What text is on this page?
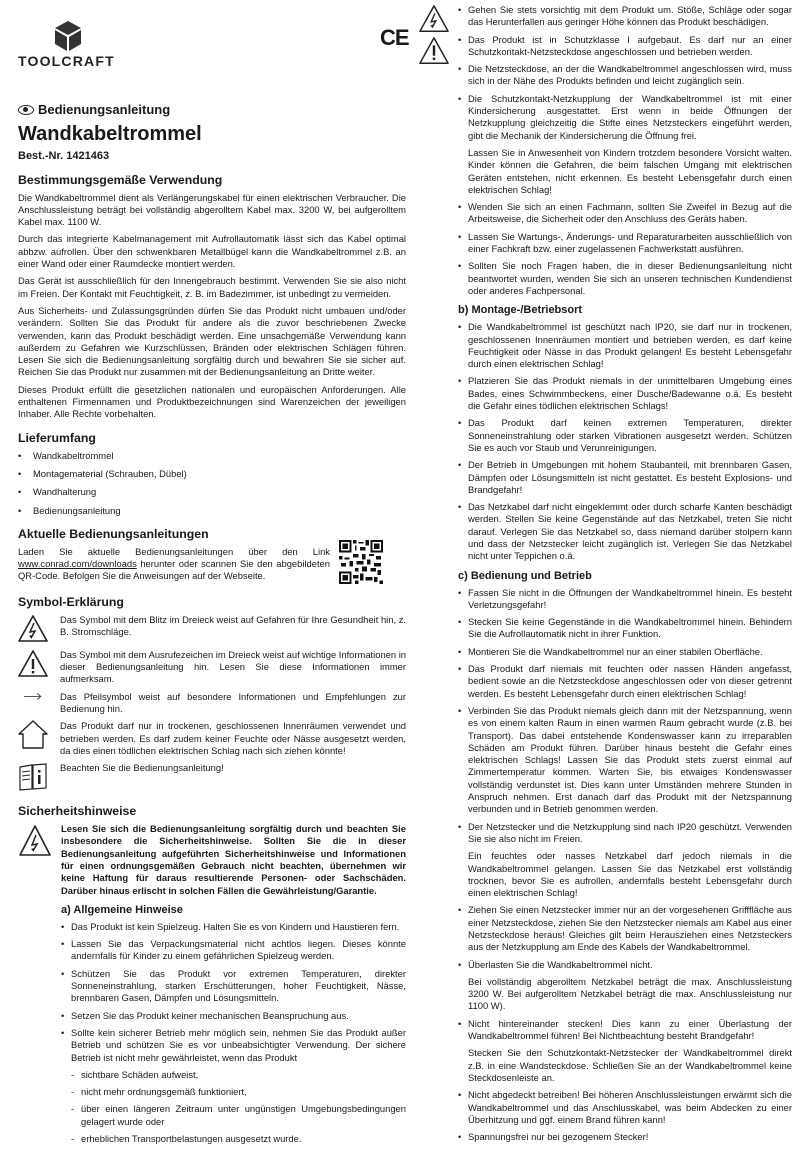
TOOLCRAFT
CE
Bedienungsanleitung
Wandkabeltrommel
Best.-Nr. 1421463
Bestimmungsgemäße Verwendung

Die Wandkabeltrommel dient als Verlängerungskabel für einen elektrischen Verbraucher. Die Anschlussleistung beträgt bei vollständig abgerolltem Kabel max. 3200 W, bei aufgerolltem Kabel max. 1100 W.

Durch das integrierte Kabelmanagement mit Aufrollautomatik lässt sich das Kabel optimal abbzw. aufrollen. Über den schwenkbaren Metallbügel kann die Wandkabeltrommel z.B. an einer Wand oder einer Raumdecke montiert werden.

Das Gerät ist ausschließlich für den Innengebrauch bestimmt. Verwenden Sie sie also nicht im Freien. Der Kontakt mit Feuchtigkeit, z. B. im Badezimmer, ist unbedingt zu vermeiden.

Aus Sicherheits- und Zulassungsgründen dürfen Sie das Produkt nicht umbauen und/oder verändern. Sollten Sie das Produkt für andere als die zuvor beschriebenen Zwecke verwenden, kann das Produkt beschädigt werden. Eine unsachgemäße Verwendung kann außerdem zu Gefahren wie Kurzschlüssen, Bränden oder elektrischen Schlägen führen. Lesen Sie sich die Bedienungsanleitung sorgfältig durch und bewahren Sie sie sicher auf. Reichen Sie das Produkt nur zusammen mit der Bedienungsanleitung an Dritte weiter.

Dieses Produkt erfüllt die gesetzlichen nationalen und europäischen Anforderungen. Alle enthaltenen Firmennamen und Produktbezeichnungen sind Warenzeichen der jeweiligen Inhaber. Alle Rechte vorbehalten.

Lieferumfang
• Wandkabeltrommel
• Montagematerial (Schrauben, Dübel)
• Wandhalterung
• Bedienungsanleitung
Aktuelle Bedienungsanleitungen
Laden Sie aktuelle Bedienungsanleitungen über den Link www.conrad.com/downloads herunter oder scannen Sie den abgebildeten QR-Code. Befolgen Sie die Anweisungen auf der Webseite.
Symbol-Erklärung
Das Symbol mit dem Blitz im Dreieck weist auf Gefahren für Ihre Gesundheit hin, z. B. Stromschläge.
Das Symbol mit dem Ausrufezeichen im Dreieck weist auf wichtige Informationen in dieser Bedienungsanleitung hin. Lesen Sie diese Informationen immer aufmerksam.
Das Pfeilsymbol weist auf besondere Informationen und Empfehlungen zur Bedienung hin.
Das Produkt darf nur in trockenen, geschlossenen Innenräumen verwendet und betrieben werden. Es darf zudem keiner Feuchte oder Nässe ausgesetzt werden, da dies einen tödlichen elektrischen Schlag nach sich ziehen könnte!
Beachten Sie die Bedienungsanleitung!
Sicherheitshinweise

Lesen Sie sich die Bedienungsanleitung sorgfältig durch und beachten Sie insbesondere die Sicherheitshinweise. Sollten Sie die in dieser Bedienungsanleitung aufgeführten Sicherheitshinweise und Informationen für einen ordnungsgemäßen Gebrauch nicht beachten, übernehmen wir keine Haftung für daraus resultierende Personen- oder Sachschäden. Darüber hinaus erlischt in solchen Fällen die Gewährleistung/Garantie.

a) Allgemeine Hinweise
• Das Produkt ist kein Spielzeug. Halten Sie es von Kindern und Haustieren fern.
• Lassen Sie das Verpackungsmaterial nicht achtlos liegen. Dieses könnte andernfalls für Kinder zu einem gefährlichen Spielzeug werden.
• Schützen Sie das Produkt vor extremen Temperaturen, direkter Sonneneinstrahlung, starken Erschütterungen, hoher Feuchtigkeit, Nässe, brennbaren Gasen, Dämpfen und Lösungsmitteln.
• Setzen Sie das Produkt keiner mechanischen Beanspruchung aus.
• Sollte kein sicherer Betrieb mehr möglich sein, nehmen Sie das Produkt außer Betrieb und schützen Sie es vor unbeabsichtigter Verwendung. Der sichere Betrieb ist nicht mehr gewährleistet, wenn das Produkt
- sichtbare Schäden aufweist,
- nicht mehr ordnungsgemäß funktioniert,
- über einen längeren Zeitraum unter ungünstigen Umgebungsbedingungen gelagert wurde oder
- erheblichen Transportbelastungen ausgesetzt wurde.
• Gehen Sie stets vorsichtig mit dem Produkt um. Stöße, Schläge oder sogar das Herunterfallen aus geringer Höhe können das Produkt beschädigen.
• Das Produkt ist in Schutzklasse I aufgebaut. Es darf nur an einer Schutzkontakt-Netzsteckdose angeschlossen und betrieben werden.
• Die Netzsteckdose, an der die Wandkabeltrommel angeschlossen wird, muss sich in der Nähe des Produkts befinden und leicht zugänglich sein.
• Die Schutzkontakt-Netzkupplung der Wandkabeltrommel ist mit einer Kindersicherung ausgestattet. Erst wenn in beide Öffnungen der Netzkupplung gleichzeitig die Stifte eines Netzsteckers eingeführt werden, gibt die Mechanik der Kindersicherung die Öffnung frei.

Lassen Sie in Anwesenheit von Kindern trotzdem besondere Vorsicht walten. Kinder können die Gefahren, die beim falschen Umgang mit elektrischen Geräten entstehen, nicht erkennen. Es besteht Lebensgefahr durch einen elektrischen Schlag!

• Wenden Sie sich an einen Fachmann, sollten Sie Zweifel in Bezug auf die Arbeitsweise, die Sicherheit oder den Anschluss des Geräts haben.
• Lassen Sie Wartungs-, Änderungs- und Reparaturarbeiten ausschließlich von einer Fachkraft bzw. einer zugelassenen Fachwerkstatt ausführen.
• Sollten Sie noch Fragen haben, die in dieser Bedienungsanleitung nicht beantwortet wurden, wenden Sie sich an unseren technischen Kundendienst oder anderes Fachpersonal.
b) Montage-/Betriebsort
• Die Wandkabeltrommel ist geschützt nach IP20, sie darf nur in trockenen, geschlossenen Innenräumen montiert und betrieben werden, es darf keine Feuchtigkeit oder Nässe in das Produkt gelangen! Es besteht Lebensgefahr durch einen elektrischen Schlag!
• Platzieren Sie das Produkt niemals in der unmittelbaren Umgebung eines Bades, eines Schwimmbeckens, einer Dusche/Badewanne o.ä. Es besteht die Gefahr eines tödlichen elektrischen Schlags!
• Das Produkt darf keinen extremen Temperaturen, direkter Sonneneinstrahlung oder starken Vibrationen ausgesetzt werden. Schützen Sie es auch vor Staub und Verunreinigungen.
• Der Betrieb in Umgebungen mit hohem Staubanteil, mit brennbaren Gasen, Dämpfen oder Lösungsmitteln ist nicht gestattet. Es besteht Explosions- und Brandgefahr!
• Das Netzkabel darf nicht eingeklemmt oder durch scharfe Kanten beschädigt werden. Stellen Sie keine Gegenstände auf das Netzkabel, treten Sie nicht darauf. Verlegen Sie das Netzkabel so, dass niemand darüber stolpern kann und dass der Netzstecker leicht zugänglich ist. Verlegen Sie das Netzkabel nicht unter Teppichen o.ä.
c) Bedienung und Betrieb
• Fassen Sie nicht in die Öffnungen der Wandkabeltrommel hinein. Es besteht Verletzungsgefahr!
• Stecken Sie keine Gegenstände in die Wandkabeltrommel hinein. Behindern Sie die Aufrollautomatik nicht in ihrer Funktion.
• Montieren Sie die Wandkabeltrommel nur an einer stabilen Oberfläche.
• Das Produkt darf niemals mit feuchten oder nassen Händen angefasst, bedient sowie an die Netzsteckdose angeschlossen oder von dieser getrennt werden. Es besteht Lebensgefahr durch einen elektrischen Schlag!
• Verbinden Sie das Produkt niemals gleich dann mit der Netzspannung, wenn es von einem kalten Raum in einen warmen Raum gebracht wurde (z.B. bei Transport). Das dabei entstehende Kondenswasser kann zu irreparablen Schäden am Produkt führen. Darüber hinaus besteht die Gefahr eines elektrischen Schlags! Lassen Sie das Produkt stets zuerst einmal auf Zimmertemperatur kommen. Warten Sie, bis etwaiges Kondenswasser vollständig verdunstet ist. Dies kann unter Umständen mehrere Stunden in Anspruch nehmen. Erst danach darf das Produkt mit der Netzspannung verbunden und in Betrieb genommen werden.
• Der Netzstecker und die Netzkupplung sind nach IP20 geschützt. Verwenden Sie sie also nicht im Freien.

Ein feuchtes oder nasses Netzkabel darf jedoch niemals in die Wandkabeltrommel gelangen. Lassen Sie das Netzkabel erst vollständig trocknen, bevor Sie es aufrollen, andernfalls besteht Lebensgefahr durch einen elektrischen Schlag!

• Ziehen Sie einen Netzstecker immer nur an der vorgesehenen Grifffläche aus einer Netzsteckdose, ziehen Sie den Netzstecker niemals am Kabel aus einer Netzsteckdose heraus! Gleiches gilt beim Herausziehen eines Netzsteckers aus der Netzkupplung am Ende des Kabels der Wandkabeltrommel.
• Überlasten Sie die Wandkabeltrommel nicht.

Bei vollständig abgerolltem Netzkabel beträgt die max. Anschlussleistung 3200 W. Bei aufgerolltem Netzkabel beträgt die max. Anschlussleistung nur 1100 W).

• Nicht hintereinander stecken! Dies kann zu einer Überlastung der Wandkabeltrommel führen! Bei Nichtbeachtung besteht Brandgefahr!

Stecken Sie den Schutzkontakt-Netzstecker der Wandkabeltrommel direkt z.B. in eine Wandsteckdose. Schließen Sie an der Wandkabeltrommel keine Steckdosenleiste an.

• Nicht abgedeckt betreiben! Bei höheren Anschlussleistungen erwärmt sich die Wandkabeltrommel und das Anschlusskabel, was beim Abdecken zu einer Überhitzung und ggf. einem Brand führen kann!
• Spannungsfrei nur bei gezogenem Stecker!
